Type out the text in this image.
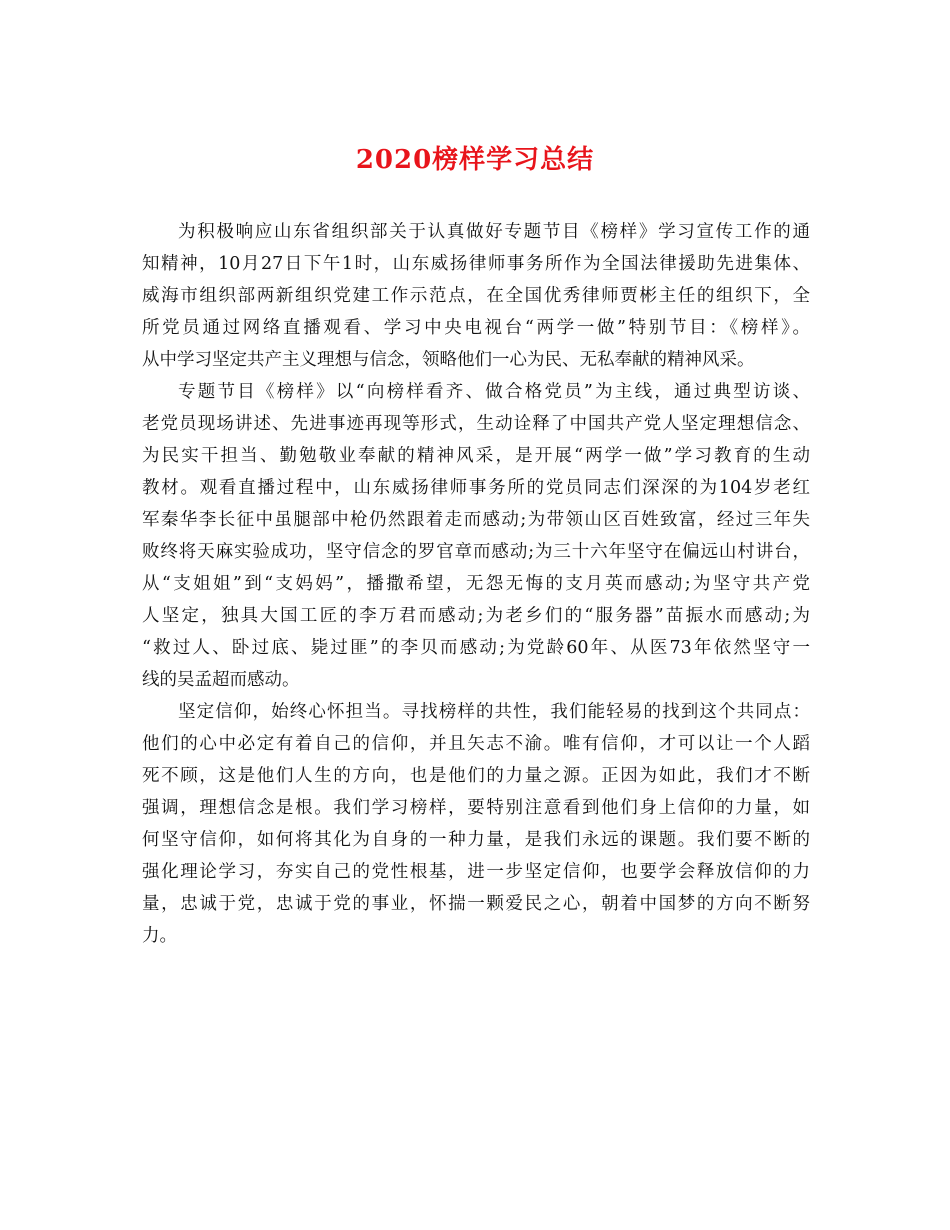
2020榜样学习总结
为积极响应山东省组织部关于认真做好专题节目《榜样》学习宣传工作的通
知精神，10月27日下午1时，山东威扬律师事务所作为全国法律援助先进集体、
威海市组织部两新组织党建工作示范点，在全国优秀律师贾彬主任的组织下，全
所党员通过网络直播观看、学习中央电视台“两学一做”特别节目：《榜样》。
从中学习坚定共产主义理想与信念，领略他们一心为民、无私奉献的精神风采。
专题节目《榜样》以“向榜样看齐、做合格党员”为主线，通过典型访谈、
老党员现场讲述、先进事迹再现等形式，生动诠释了中国共产党人坚定理想信念、
为民实干担当、勤勉敬业奉献的精神风采，是开展“两学一做”学习教育的生动
教材。观看直播过程中，山东威扬律师事务所的党员同志们深深的为104岁老红
军秦华李长征中虽腿部中枪仍然跟着走而感动;为带领山区百姓致富，经过三年失
败终将天麻实验成功，坚守信念的罗官章而感动;为三十六年坚守在偏远山村讲台，
从“支姐姐”到“支妈妈”，播撒希望，无怨无悔的支月英而感动;为坚守共产党
人坚定，独具大国工匠的李万君而感动;为老乡们的“服务器”苗振水而感动;为
“救过人、卧过底、毙过匪”的李贝而感动;为党龄60年、从医73年依然坚守一
线的吴孟超而感动。
坚定信仰，始终心怀担当。寻找榜样的共性，我们能轻易的找到这个共同点：
他们的心中必定有着自己的信仰，并且矢志不渝。唯有信仰，才可以让一个人蹈
死不顾，这是他们人生的方向，也是他们的力量之源。正因为如此，我们才不断
强调，理想信念是根。我们学习榜样，要特别注意看到他们身上信仰的力量，如
何坚守信仰，如何将其化为自身的一种力量，是我们永远的课题。我们要不断的
强化理论学习，夯实自己的党性根基，进一步坚定信仰，也要学会释放信仰的力
量，忠诚于党，忠诚于党的事业，怀揣一颗爱民之心，朝着中国梦的方向不断努
力。
